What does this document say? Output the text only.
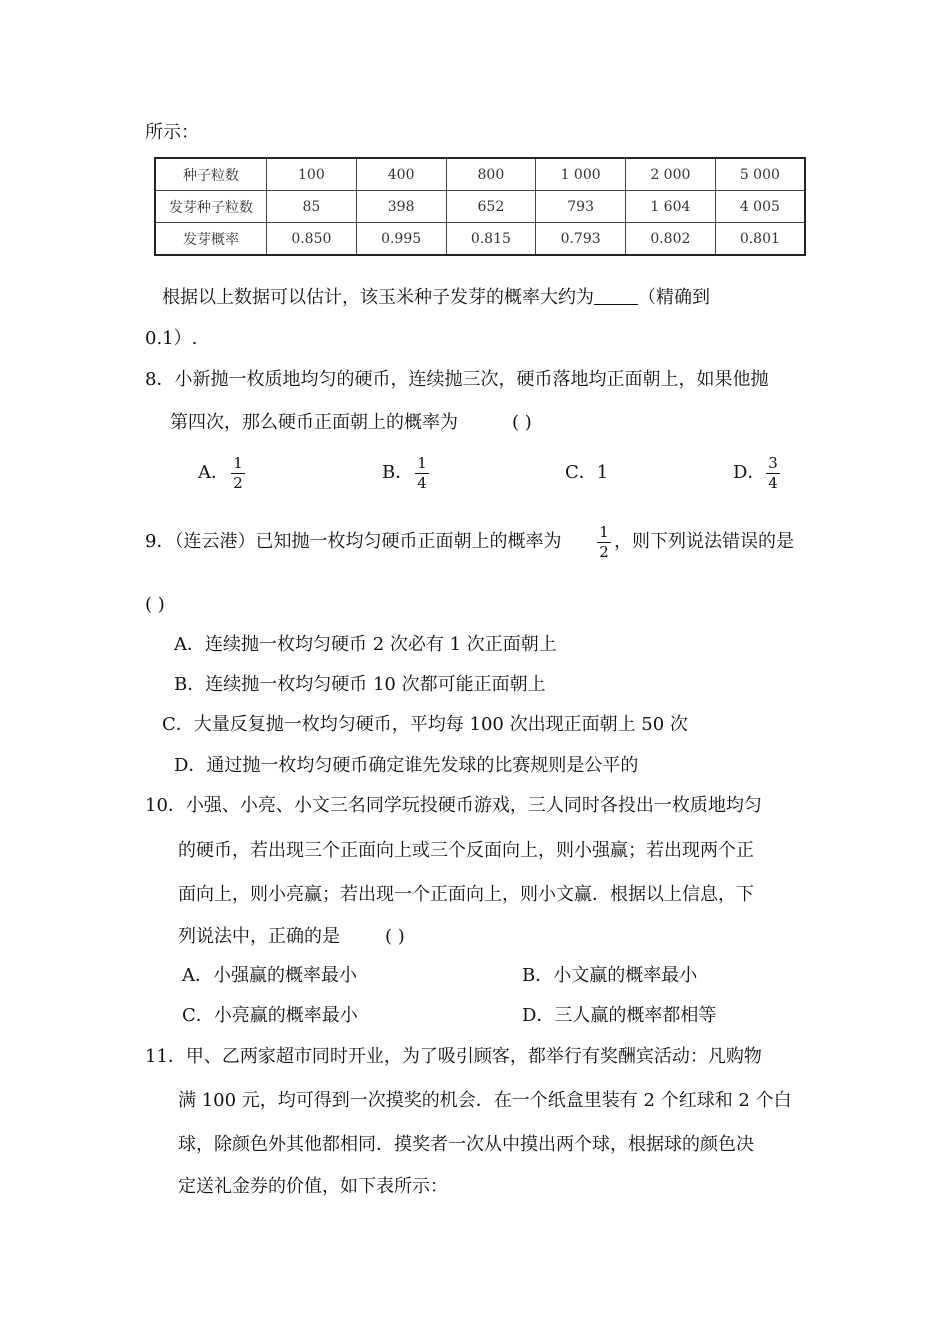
所示：
种子粒数	100	400	800	1 000	2 000	5 000
发芽种子粒数	85	398	652	793	1 604	4 005
发芽概率	0.850	0.995	0.815	0.793	0.802	0.801
根据以上数据可以估计，该玉米种子发芽的概率大约为 （精确到
0.1）.
8．小新抛一枚质地均匀的硬币，连续抛三次，硬币落地均正面朝上，如果他抛
第四次，那么硬币正面朝上的概率为	( )
A． $\frac{1}{2}$	B． $\frac{1}{4}$	C．1	D． $\frac{3}{4}$
9．（连云港）已知抛一枚均匀硬币正面朝上的概率为 $\frac{1}{2}$ ，则下列说法错误的是
( )
A．连续抛一枚均匀硬币 2 次必有 1 次正面朝上
B．连续抛一枚均匀硬币 10 次都可能正面朝上
C．大量反复抛一枚均匀硬币，平均每 100 次出现正面朝上 50 次
D．通过抛一枚均匀硬币确定谁先发球的比赛规则是公平的
10．小强、小亮、小文三名同学玩投硬币游戏，三人同时各投出一枚质地均匀
的硬币，若出现三个正面向上或三个反面向上，则小强赢；若出现两个正
面向上，则小亮赢；若出现一个正面向上，则小文赢．根据以上信息，下
列说法中，正确的是	( )
A．小强赢的概率最小	B．小文赢的概率最小
C．小亮赢的概率最小	D．三人赢的概率都相等
11．甲、乙两家超市同时开业，为了吸引顾客，都举行有奖酬宾活动：凡购物
满 100 元，均可得到一次摸奖的机会．在一个纸盒里装有 2 个红球和 2 个白
球，除颜色外其他都相同．摸奖者一次从中摸出两个球，根据球的颜色决
定送礼金券的价值，如下表所示：
